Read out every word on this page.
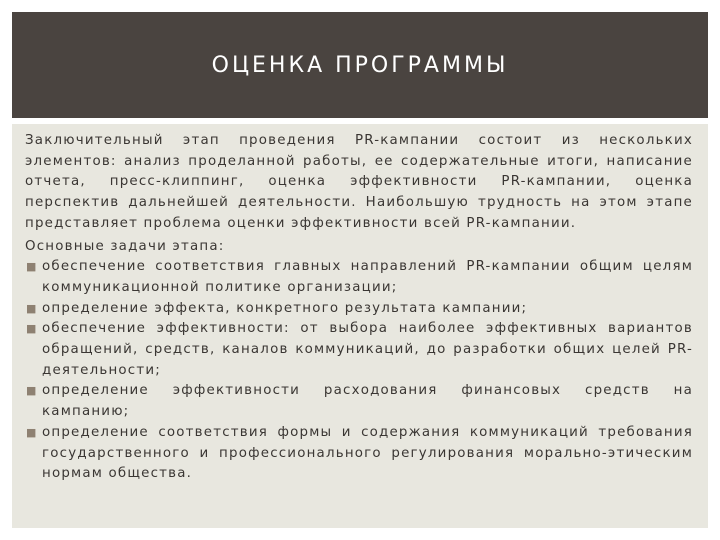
ОЦЕНКА ПРОГРАММЫ

Заключительный этап проведения PR-кампании состоит из нескольких элементов: анализ проделанной работы, ее содержательные итоги, написание отчета, пресс-клиппинг, оценка эффективности PR-кампании, оценка перспектив дальнейшей деятельности. Наибольшую трудность на этом этапе представляет проблема оценки эффективности всей PR-кампании.

Основные задачи этапа:

■ обеспечение соответствия главных направлений PR-кампании общим целям коммуникационной политике организации;
■ определение эффекта, конкретного результата кампании;
■ обеспечение эффективности: от выбора наиболее эффективных вариантов обращений, средств, каналов коммуникаций, до разработки общих целей PR-деятельности;
■ определение эффективности расходования финансовых средств на кампанию;
■ определение соответствия формы и содержания коммуникаций требования государственного и профессионального регулирования морально-этическим нормам общества.
